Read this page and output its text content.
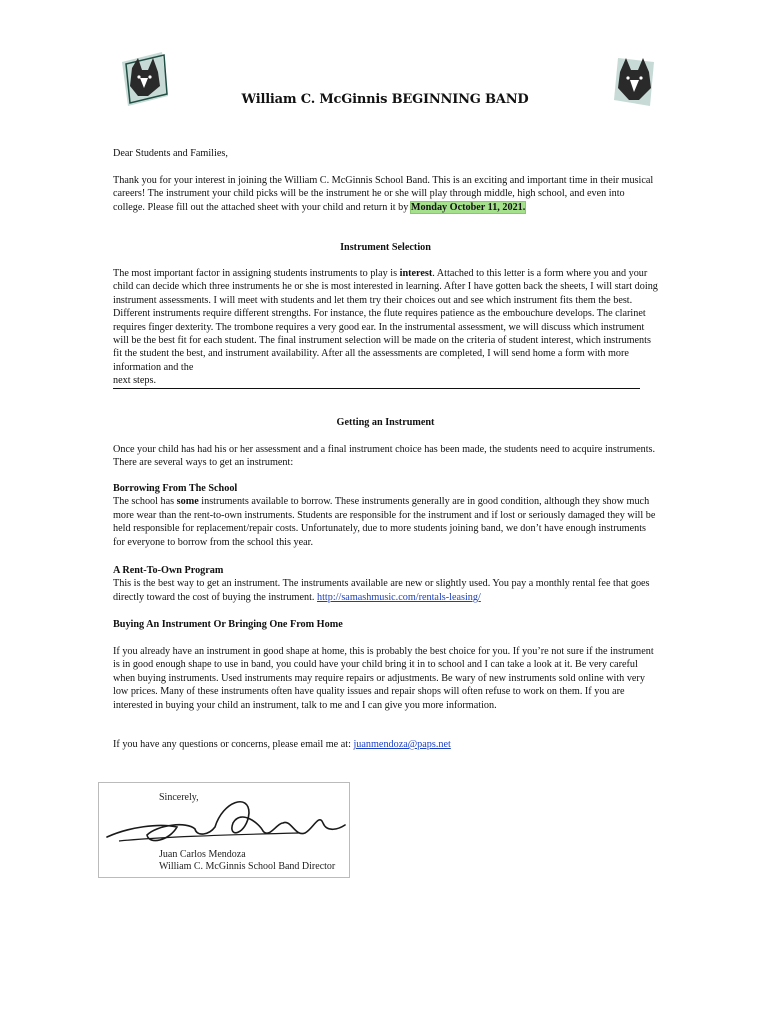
William C. McGinnis BEGINNING BAND

Dear Students and Families,

Thank you for your interest in joining the William C. McGinnis School Band. This is an exciting and important time in their musical careers! The instrument your child picks will be the instrument he or she will play through middle, high school, and even into college. Please fill out the attached sheet with your child and return it by Monday October 11, 2021.

Instrument Selection

The most important factor in assigning students instruments to play is interest. Attached to this letter is a form where you and your child can decide which three instruments he or she is most interested in learning. After I have gotten back the sheets, I will start doing instrument assessments. I will meet with students and let them try their choices out and see which instrument fits them the best. Different instruments require different strengths. For instance, the flute requires patience as the embouchure develops. The clarinet requires finger dexterity. The trombone requires a very good ear. In the instrumental assessment, we will discuss which instrument will be the best fit for each student. The final instrument selection will be made on the criteria of student interest, which instruments fit the student the best, and instrument availability. After all the assessments are completed, I will send home a form with more information and the next steps.

Getting an Instrument

Once your child has had his or her assessment and a final instrument choice has been made, the students need to acquire instruments. There are several ways to get an instrument:

Borrowing From The School

The school has some instruments available to borrow. These instruments generally are in good condition, although they show much more wear than the rent-to-own instruments. Students are responsible for the instrument and if lost or seriously damaged they will be held responsible for replacement/repair costs. Unfortunately, due to more students joining band, we don’t have enough instruments for everyone to borrow from the school this year.

A Rent-To-Own Program

This is the best way to get an instrument. The instruments available are new or slightly used. You pay a monthly rental fee that goes directly toward the cost of buying the instrument. http://samashmusic.com/rentals-leasing/

Buying An Instrument Or Bringing One From Home

If you already have an instrument in good shape at home, this is probably the best choice for you. If you’re not sure if the instrument is in good enough shape to use in band, you could have your child bring it in to school and I can take a look at it. Be very careful when buying instruments. Used instruments may require repairs or adjustments. Be wary of new instruments sold online with very low prices. Many of these instruments often have quality issues and repair shops will often refuse to work on them. If you are interested in buying your child an instrument, talk to me and I can give you more information.

If you have any questions or concerns, please email me at: juanmendoza@paps.net

Sincerely,
Juan Carlos Mendoza
William C. McGinnis School Band Director
